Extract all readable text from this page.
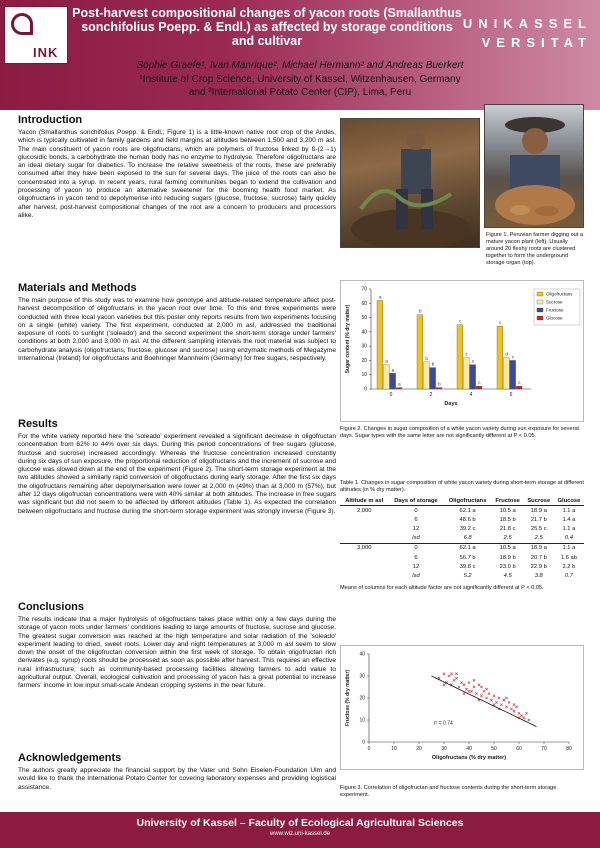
INK
Post-harvest compositional changes of yacon roots (Smallanthus sonchifolius Poepp. & Endl.) as affected by storage conditions and cultivar
UNIKASSEL
VERSITAT
Sophie Graefe¹, Ivan Manrique², Michael Hermann² and Andreas Buerkert
¹Institute of Crop Science, University of Kassel, Witzenhausen, Germany
and ²International Potato Center (CIP), Lima, Peru
Introduction
Yacon (Smallanthus sonchifolius Poepp. & Endl.; Figure 1) is a little-known native root crop of the Andes, which is typically cultivated in family gardens and field margins at altitudes between 1,500 and 3,200 m asl. The main constituent of yacon roots are oligofructans, which are polymers of fructose linked by ß-(2→1) glucosidic bonds, a carbohydrate the human body has no enzyme to hydrolyse. Therefore oligofructans are an ideal dietary sugar for diabetics. To increase the relative sweetness of the roots, these are preferably consumed after they have been exposed to the sun for several days. The juice of the roots can also be concentrated into a syrup. In recent years, rural farming communities began to extend the cultivation and processing of yacon to produce an alternative sweetener for the booming health food market. As oligofructans in yacon tend to depolymerise into reducing sugars (glucose, fructose, sucrose) fairly quickly after harvest, post-harvest compositional changes of the root are a concern to producers and processors alike.
Materials and Methods
The main purpose of this study was to examine how genotype and altitude-related temperature affect post-harvest decomposition of oligofructans in the yacon root over time. To this end three experiments were conducted with three local yacon varieties but this poster only reports results from two experiments focusing on a single (white) variety. The first experiment, conducted at 2,000 m asl, addressed the traditional exposure of roots to sunlight ('soleado') and the second experiment the short-term storage under farmers' conditions at both 2,000 and 3,000 m asl. At the different sampling intervals the root material was subject to carbohydrate analysis (oligofructans, fructose, glucose and sucrose) using enzymatic methods of Megazyme International (Ireland) for oligofructans and Boehringer Mannheim (Germany) for free sugars, respectively.
Results
For the white variety reported here the 'soleado' experiment revealed a significant decrease in oligofructan concentration from 62% to 44% over six days. During this period concentrations of free sugars (glucose, fructose and sucrose) increased accordingly. Whereas the fructose concentration increased constantly during six days of sun exposure, the proportional reduction of oligofructans and the increment of sucrose and glucose was slowed down at the end of the experiment (Figure 2). The short-term storage experiment at the two altitudes showed a similarly rapid conversion of oligofructans during early storage. After the first six days the oligofructans remaining after depolymerisation were lower at 2,000 m (49%) than at 3,000 m (57%), but after 12 days oligofructan concentrations were with 40% similar at both altitudes. The increase in free sugars was significant but did not seem to be affected by different altitudes (Table 1). As expected the correlation between oligofructans and fructose during the short-term storage experiment was strongly inverse (Figure 3).
Conclusions
The results indicate that a major hydrolysis of oligofructans takes place within only a few days during the storage of yacon roots under farmers' conditions leading to large amounts of fructose, sucrose and glucose. The greatest sugar conversion was reached at the high temperature and solar radiation of the 'soleado' experiment leading to dried, sweet roots. Lower day and night temperatures at 3,000 m asl seem to slow down the onset of the oligofructan conversion within the first week of storage. To obtain oligofructan rich derivates (e.g. syrup) roots should be processed as soon as possible after harvest. This requires an effective rural infrastructure, such as community-based processing facilities allowing farmers to add value to agricultural output. Overall, ecological cultivation and processing of yacon has a great potential to increase farmers' income in low input small-scale Andean cropping systems in the near future.
Acknowledgements
The authors greatly appreciate the financial support by the Vater und Sohn Eiselen-Foundation Ulm and would like to thank the International Potato Center for covering laboratory expenses and providing logistical assistance.
Figure 1. Peruvian farmer digging out a mature yacon plant (left). Usually around 20 fleshy roots are clustered together to form the underground storage organ (top).
0
10
20
30
40
50
60
70
a
a
a
a
0
b
b
b
b
2
c
c
c
c
4
c
d
c
c
6
Days
Sugar content (% dry matter)
Oligofructans
Sucrose
Fructose
Glucose
Figure 2. Changes in sugar composition of a white yacon variety during sun exposure for several days. Sugar types with the same letter are not significantly different at P < 0.05.
Table 1. Changes in sugar composition of white yacon variety during short-term storage at different altitudes (in % dry matter).
Altitude m asl	Days of storage	Oligofructans	Fructose	Sucrose	Glucose
2,000	0	62.1 a	10.5 a	18.9 a	1.1 a
	6	48.6 b	18.5 b	21.7 b	1.4 a
	12	39.2 c	21.8 c	25.5 c	1.1 a
	lsd	6.8	2.5	2.5	0.4
3,000	0	62.1 a	10.5 a	18.9 a	1.1 a
	6	56.7 b	18.9 b	20.7 b	1.6 ab
	12	39.8 c	23.0 b	22.9 b	2.2 b
	lsd	5.2	4.5	3.8	0.7
Means of columns for each altitude factor are not significantly different at P < 0.05.
0
10
20
30
40
0	10	20	30	40	50	60	70	80
r² = 0.74
Oligofructans (% dry matter)
Fructose (% dry matter)
Figure 3. Correlation of oligofructan and fructose contents during the short-term storage experiment.
University of Kassel – Faculty of Ecological Agricultural Sciences
www.wiz.uni-kassel.de
